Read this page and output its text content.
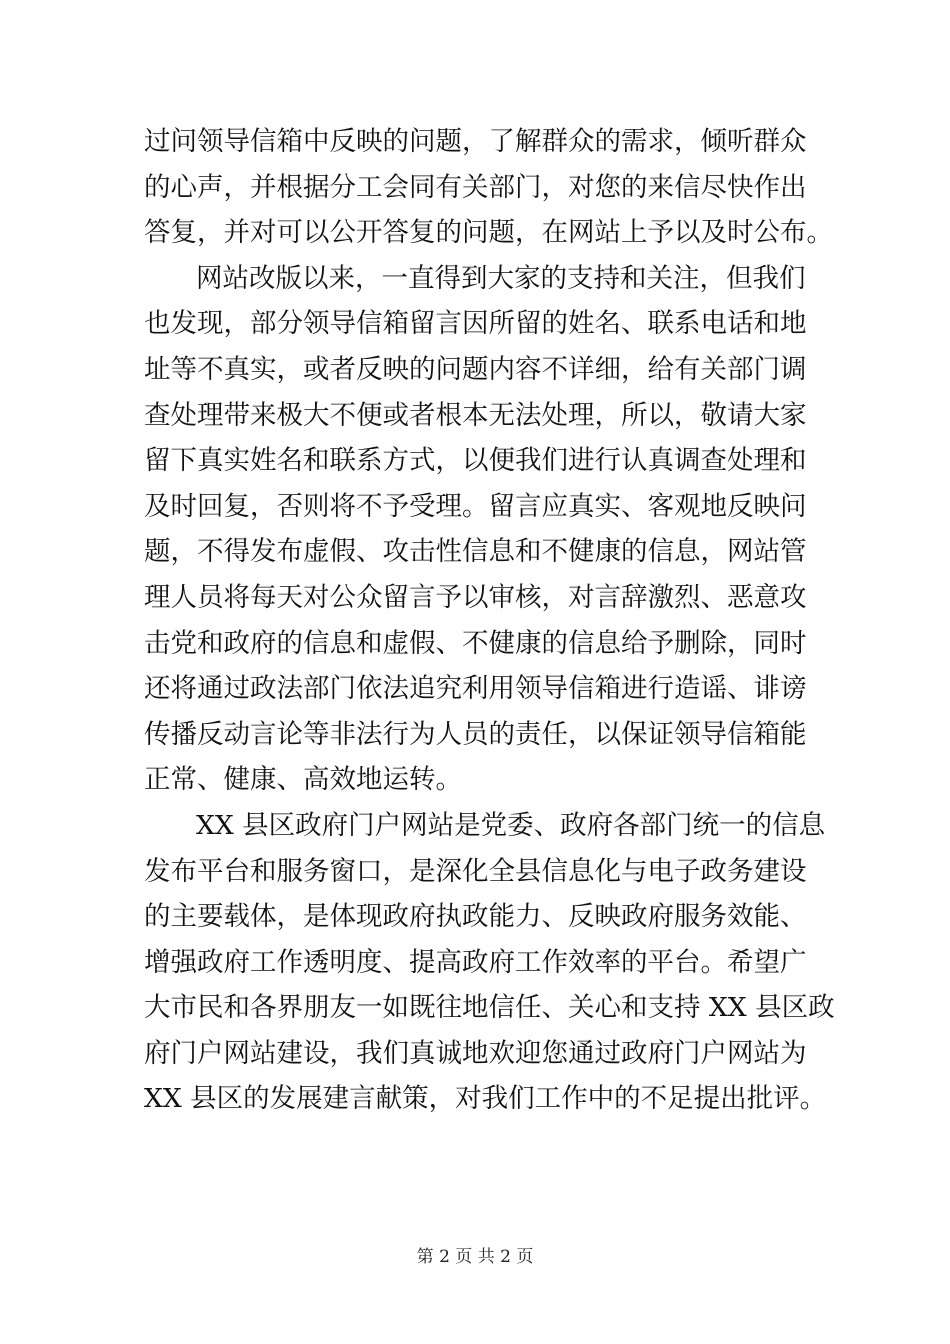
过问领导信箱中反映的问题，了解群众的需求，倾听群众
的心声，并根据分工会同有关部门，对您的来信尽快作出
答复，并对可以公开答复的问题，在网站上予以及时公布。
网站改版以来，一直得到大家的支持和关注，但我们
也发现，部分领导信箱留言因所留的姓名、联系电话和地
址等不真实，或者反映的问题内容不详细，给有关部门调
查处理带来极大不便或者根本无法处理，所以，敬请大家
留下真实姓名和联系方式，以便我们进行认真调查处理和
及时回复，否则将不予受理。留言应真实、客观地反映问
题，不得发布虚假、攻击性信息和不健康的信息，网站管
理人员将每天对公众留言予以审核，对言辞激烈、恶意攻
击党和政府的信息和虚假、不健康的信息给予删除，同时
还将通过政法部门依法追究利用领导信箱进行造谣、诽谤
传播反动言论等非法行为人员的责任，以保证领导信箱能
正常、健康、高效地运转。
XX 县区政府门户网站是党委、政府各部门统一的信息
发布平台和服务窗口，是深化全县信息化与电子政务建设
的主要载体，是体现政府执政能力、反映政府服务效能、
增强政府工作透明度、提高政府工作效率的平台。希望广
大市民和各界朋友一如既往地信任、关心和支持 XX 县区政
府门户网站建设，我们真诚地欢迎您通过政府门户网站为
XX 县区的发展建言献策，对我们工作中的不足提出批评。
第 2 页 共 2 页
